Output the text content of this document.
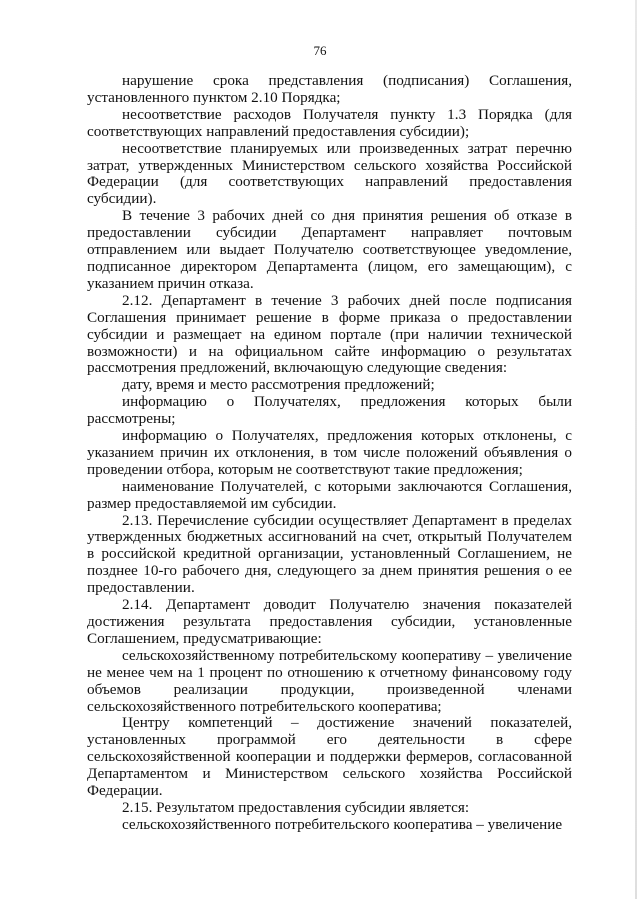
76

нарушение срока представления (подписания) Соглашения, установленного пунктом 2.10 Порядка;

несоответствие расходов Получателя пункту 1.3 Порядка (для соответствующих направлений предоставления субсидии);

несоответствие планируемых или произведенных затрат перечню затрат, утвержденных Министерством сельского хозяйства Российской Федерации (для соответствующих направлений предоставления субсидии).

В течение 3 рабочих дней со дня принятия решения об отказе в предоставлении субсидии Департамент направляет почтовым отправлением или выдает Получателю соответствующее уведомление, подписанное директором Департамента (лицом, его замещающим), с указанием причин отказа.

2.12. Департамент в течение 3 рабочих дней после подписания Соглашения принимает решение в форме приказа о предоставлении субсидии и размещает на едином портале (при наличии технической возможности) и на официальном сайте информацию о результатах рассмотрения предложений, включающую следующие сведения:

дату, время и место рассмотрения предложений;

информацию о Получателях, предложения которых были рассмотрены;

информацию о Получателях, предложения которых отклонены, с указанием причин их отклонения, в том числе положений объявления о проведении отбора, которым не соответствуют такие предложения;

наименование Получателей, с которыми заключаются Соглашения, размер предоставляемой им субсидии.

2.13. Перечисление субсидии осуществляет Департамент в пределах утвержденных бюджетных ассигнований на счет, открытый Получателем в российской кредитной организации, установленный Соглашением, не позднее 10-го рабочего дня, следующего за днем принятия решения о ее предоставлении.

2.14. Департамент доводит Получателю значения показателей достижения результата предоставления субсидии, установленные Соглашением, предусматривающие:

сельскохозяйственному потребительскому кооперативу – увеличение не менее чем на 1 процент по отношению к отчетному финансовому году объемов реализации продукции, произведенной членами сельскохозяйственного потребительского кооператива;

Центру компетенций – достижение значений показателей, установленных программой его деятельности в сфере сельскохозяйственной кооперации и поддержки фермеров, согласованной Департаментом и Министерством сельского хозяйства Российской Федерации.

2.15. Результатом предоставления субсидии является:

сельскохозяйственного потребительского кооператива – увеличение
